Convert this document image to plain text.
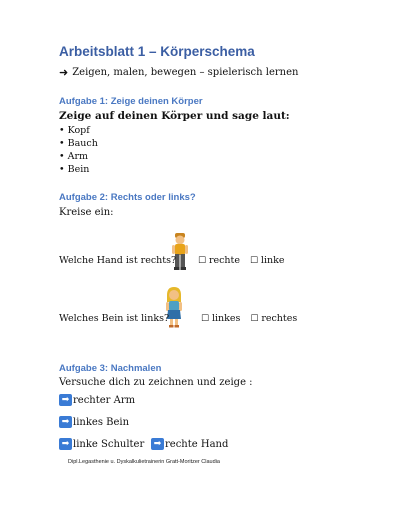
Arbeitsblatt 1 – Körperschema
➜ Zeigen, malen, bewegen – spielerisch lernen
Aufgabe 1: Zeige deinen Körper
Zeige auf deinen Körper und sage laut:
• Kopf
• Bauch
• Arm
• Bein
Aufgabe 2: Rechts oder links?
Kreise ein:
Welche Hand ist rechts?	☐ rechte	☐ linke
Welches Bein ist links?	☐ linkes	☐ rechtes
Aufgabe 3: Nachmalen
Versuche dich zu zeichnen und zeige :
➡ rechter Arm
➡ linkes Bein
➡ linke Schulter	➡ rechte Hand
Dipl.Legasthenie u. Dyskalkulietrainerin Gratt-Moritzer Claudia
